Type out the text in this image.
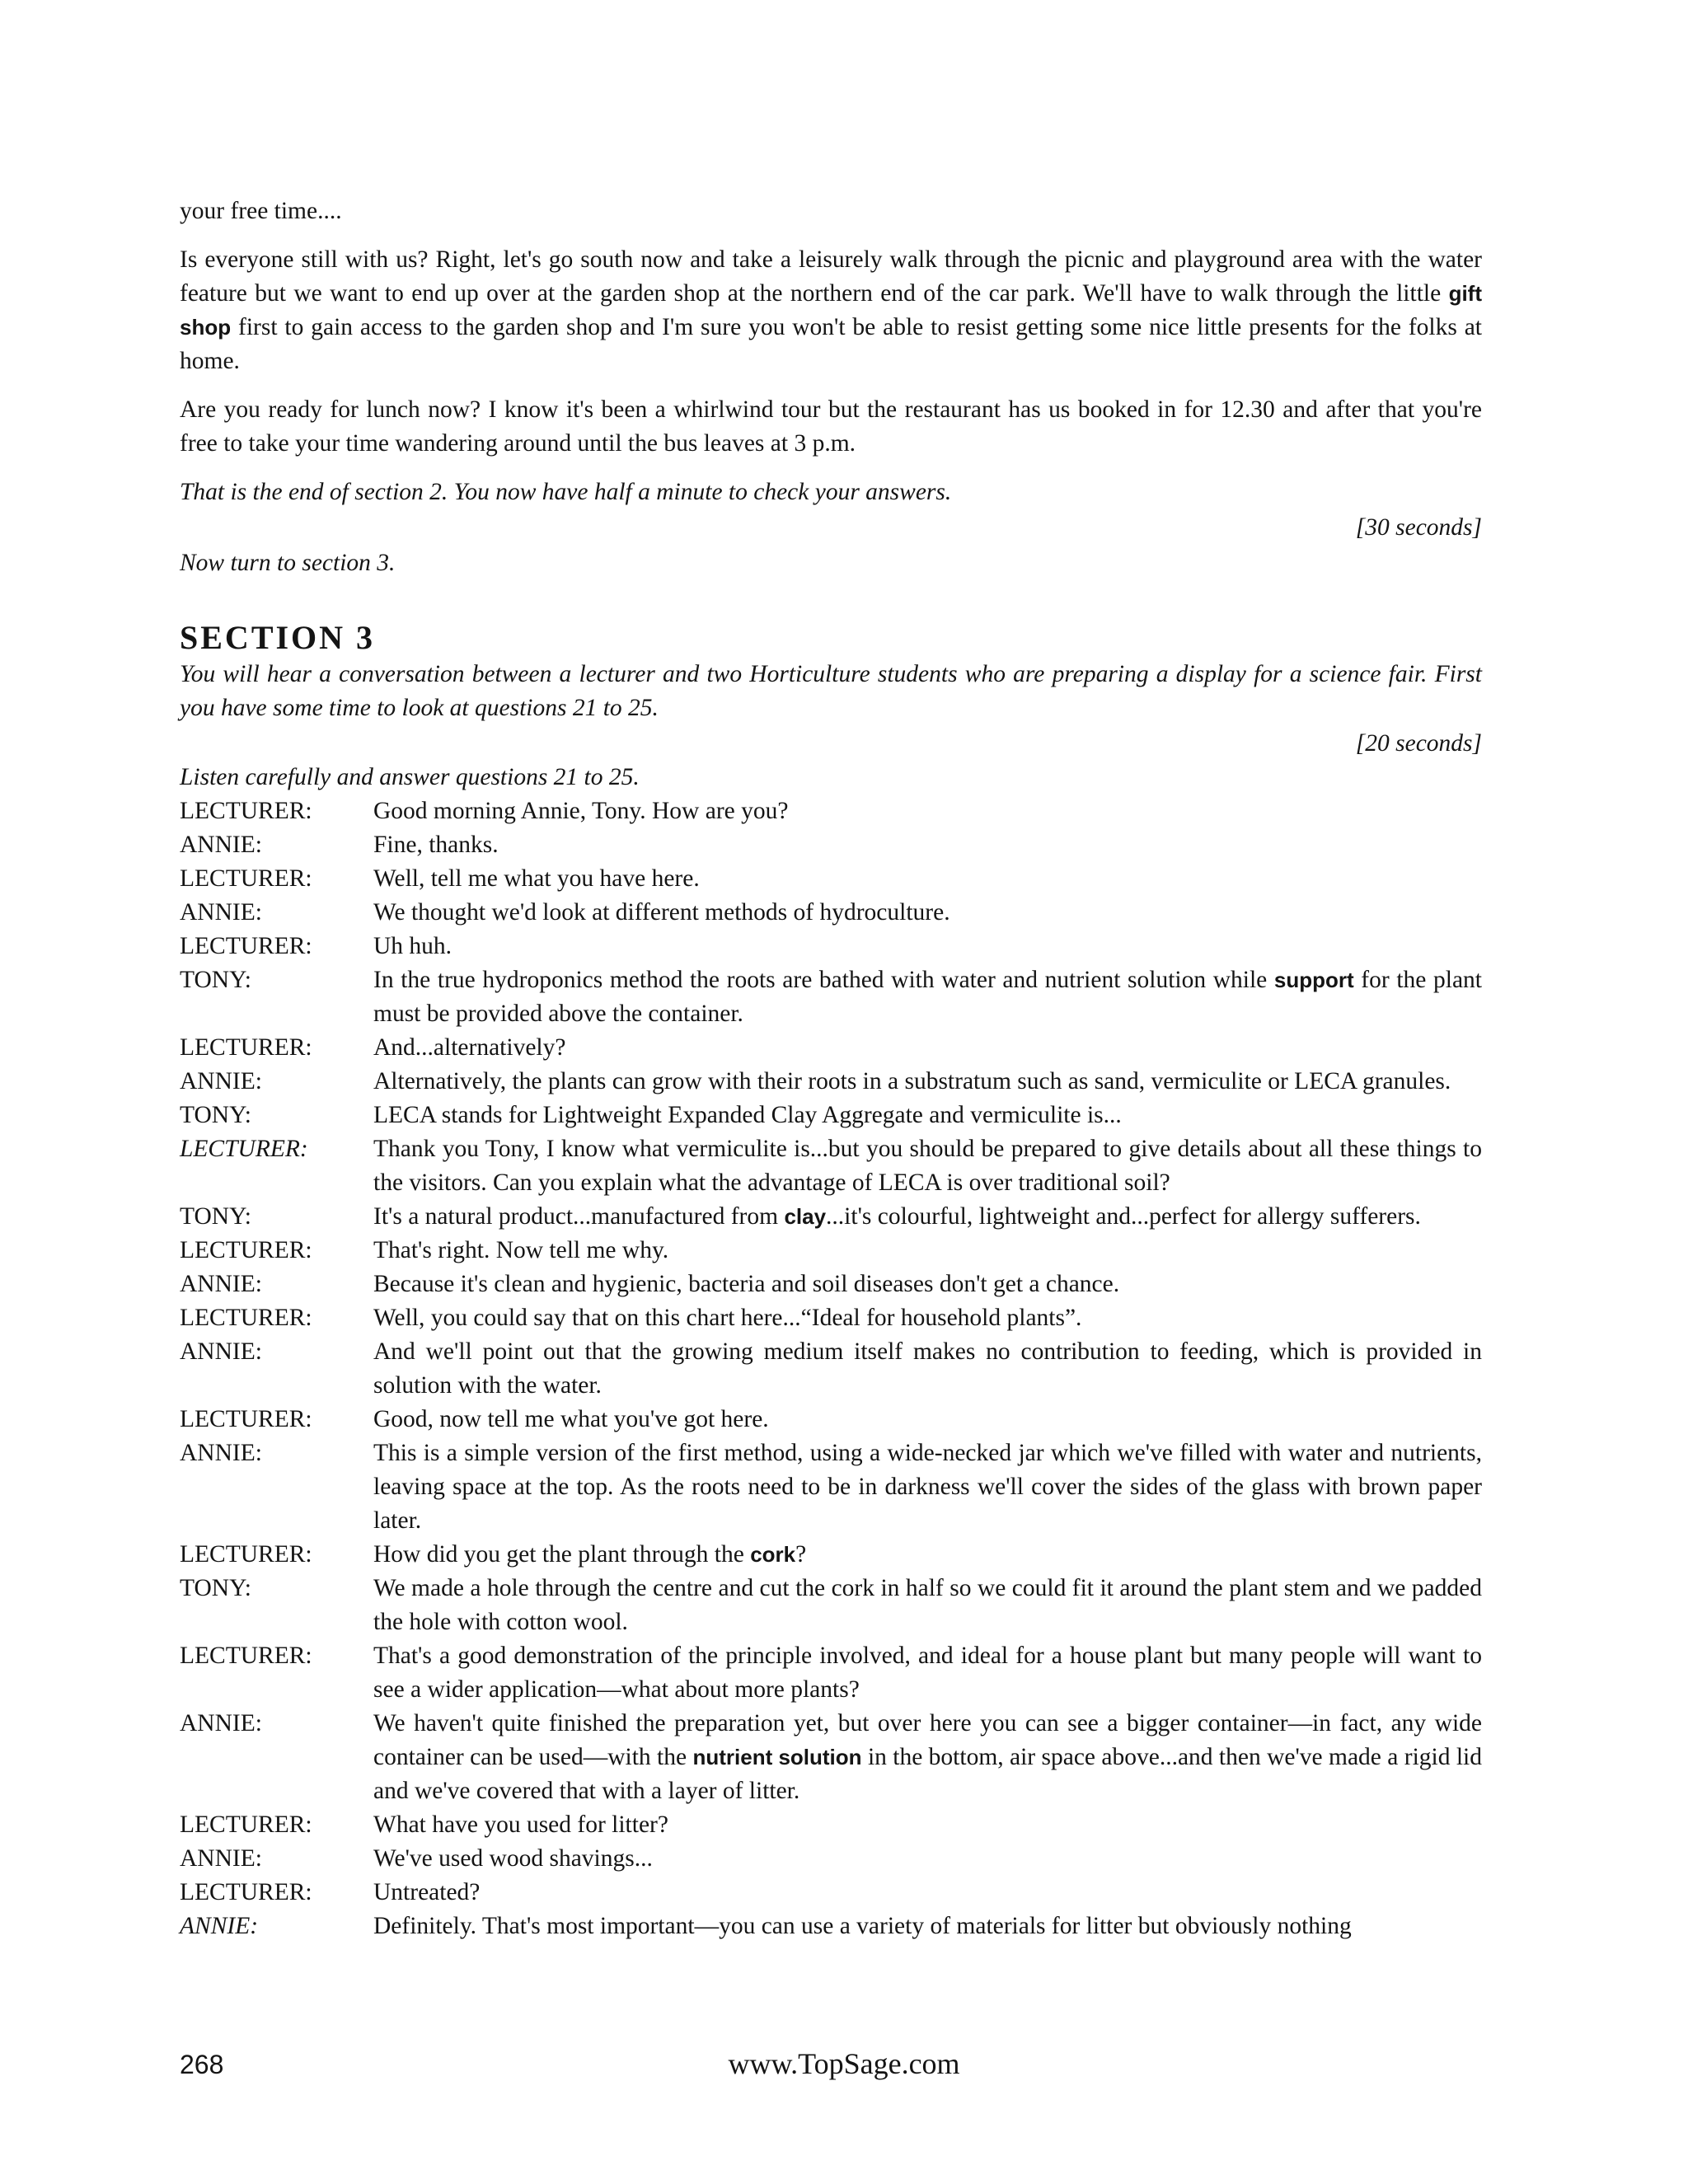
your free time....

Is everyone still with us? Right, let's go south now and take a leisurely walk through the picnic and playground area with the water feature but we want to end up over at the garden shop at the northern end of the car park. We'll have to walk through the little gift shop first to gain access to the garden shop and I'm sure you won't be able to resist getting some nice little presents for the folks at home.

Are you ready for lunch now? I know it's been a whirlwind tour but the restaurant has us booked in for 12.30 and after that you're free to take your time wandering around until the bus leaves at 3 p.m.

That is the end of section 2. You now have half a minute to check your answers.

[30 seconds]

Now turn to section 3.

SECTION 3

You will hear a conversation between a lecturer and two Horticulture students who are preparing a display for a science fair. First you have some time to look at questions 21 to 25.

[20 seconds]

Listen carefully and answer questions 21 to 25.

LECTURER:	Good morning Annie, Tony. How are you?
ANNIE:	Fine, thanks.
LECTURER:	Well, tell me what you have here.
ANNIE:	We thought we'd look at different methods of hydroculture.
LECTURER:	Uh huh.
TONY:	In the true hydroponics method the roots are bathed with water and nutrient solution while support for the plant must be provided above the container.
LECTURER:	And...alternatively?
ANNIE:	Alternatively, the plants can grow with their roots in a substratum such as sand, vermiculite or LECA granules.
TONY:	LECA stands for Lightweight Expanded Clay Aggregate and vermiculite is...
LECTURER:	Thank you Tony, I know what vermiculite is...but you should be prepared to give details about all these things to the visitors. Can you explain what the advantage of LECA is over traditional soil?
TONY:	It's a natural product...manufactured from clay...it's colourful, lightweight and...perfect for allergy sufferers.
LECTURER:	That's right. Now tell me why.
ANNIE:	Because it's clean and hygienic, bacteria and soil diseases don't get a chance.
LECTURER:	Well, you could say that on this chart here...“Ideal for household plants”.
ANNIE:	And we'll point out that the growing medium itself makes no contribution to feeding, which is provided in solution with the water.
LECTURER:	Good, now tell me what you've got here.
ANNIE:	This is a simple version of the first method, using a wide-necked jar which we've filled with water and nutrients, leaving space at the top. As the roots need to be in darkness we'll cover the sides of the glass with brown paper later.
LECTURER:	How did you get the plant through the cork?
TONY:	We made a hole through the centre and cut the cork in half so we could fit it around the plant stem and we padded the hole with cotton wool.
LECTURER:	That's a good demonstration of the principle involved, and ideal for a house plant but many people will want to see a wider application—what about more plants?
ANNIE:	We haven't quite finished the preparation yet, but over here you can see a bigger container—in fact, any wide container can be used—with the nutrient solution in the bottom, air space above...and then we've made a rigid lid and we've covered that with a layer of litter.
LECTURER:	What have you used for litter?
ANNIE:	We've used wood shavings...
LECTURER:	Untreated?
ANNIE:	Definitely. That's most important—you can use a variety of materials for litter but obviously nothing
268	www.TopSage.com
